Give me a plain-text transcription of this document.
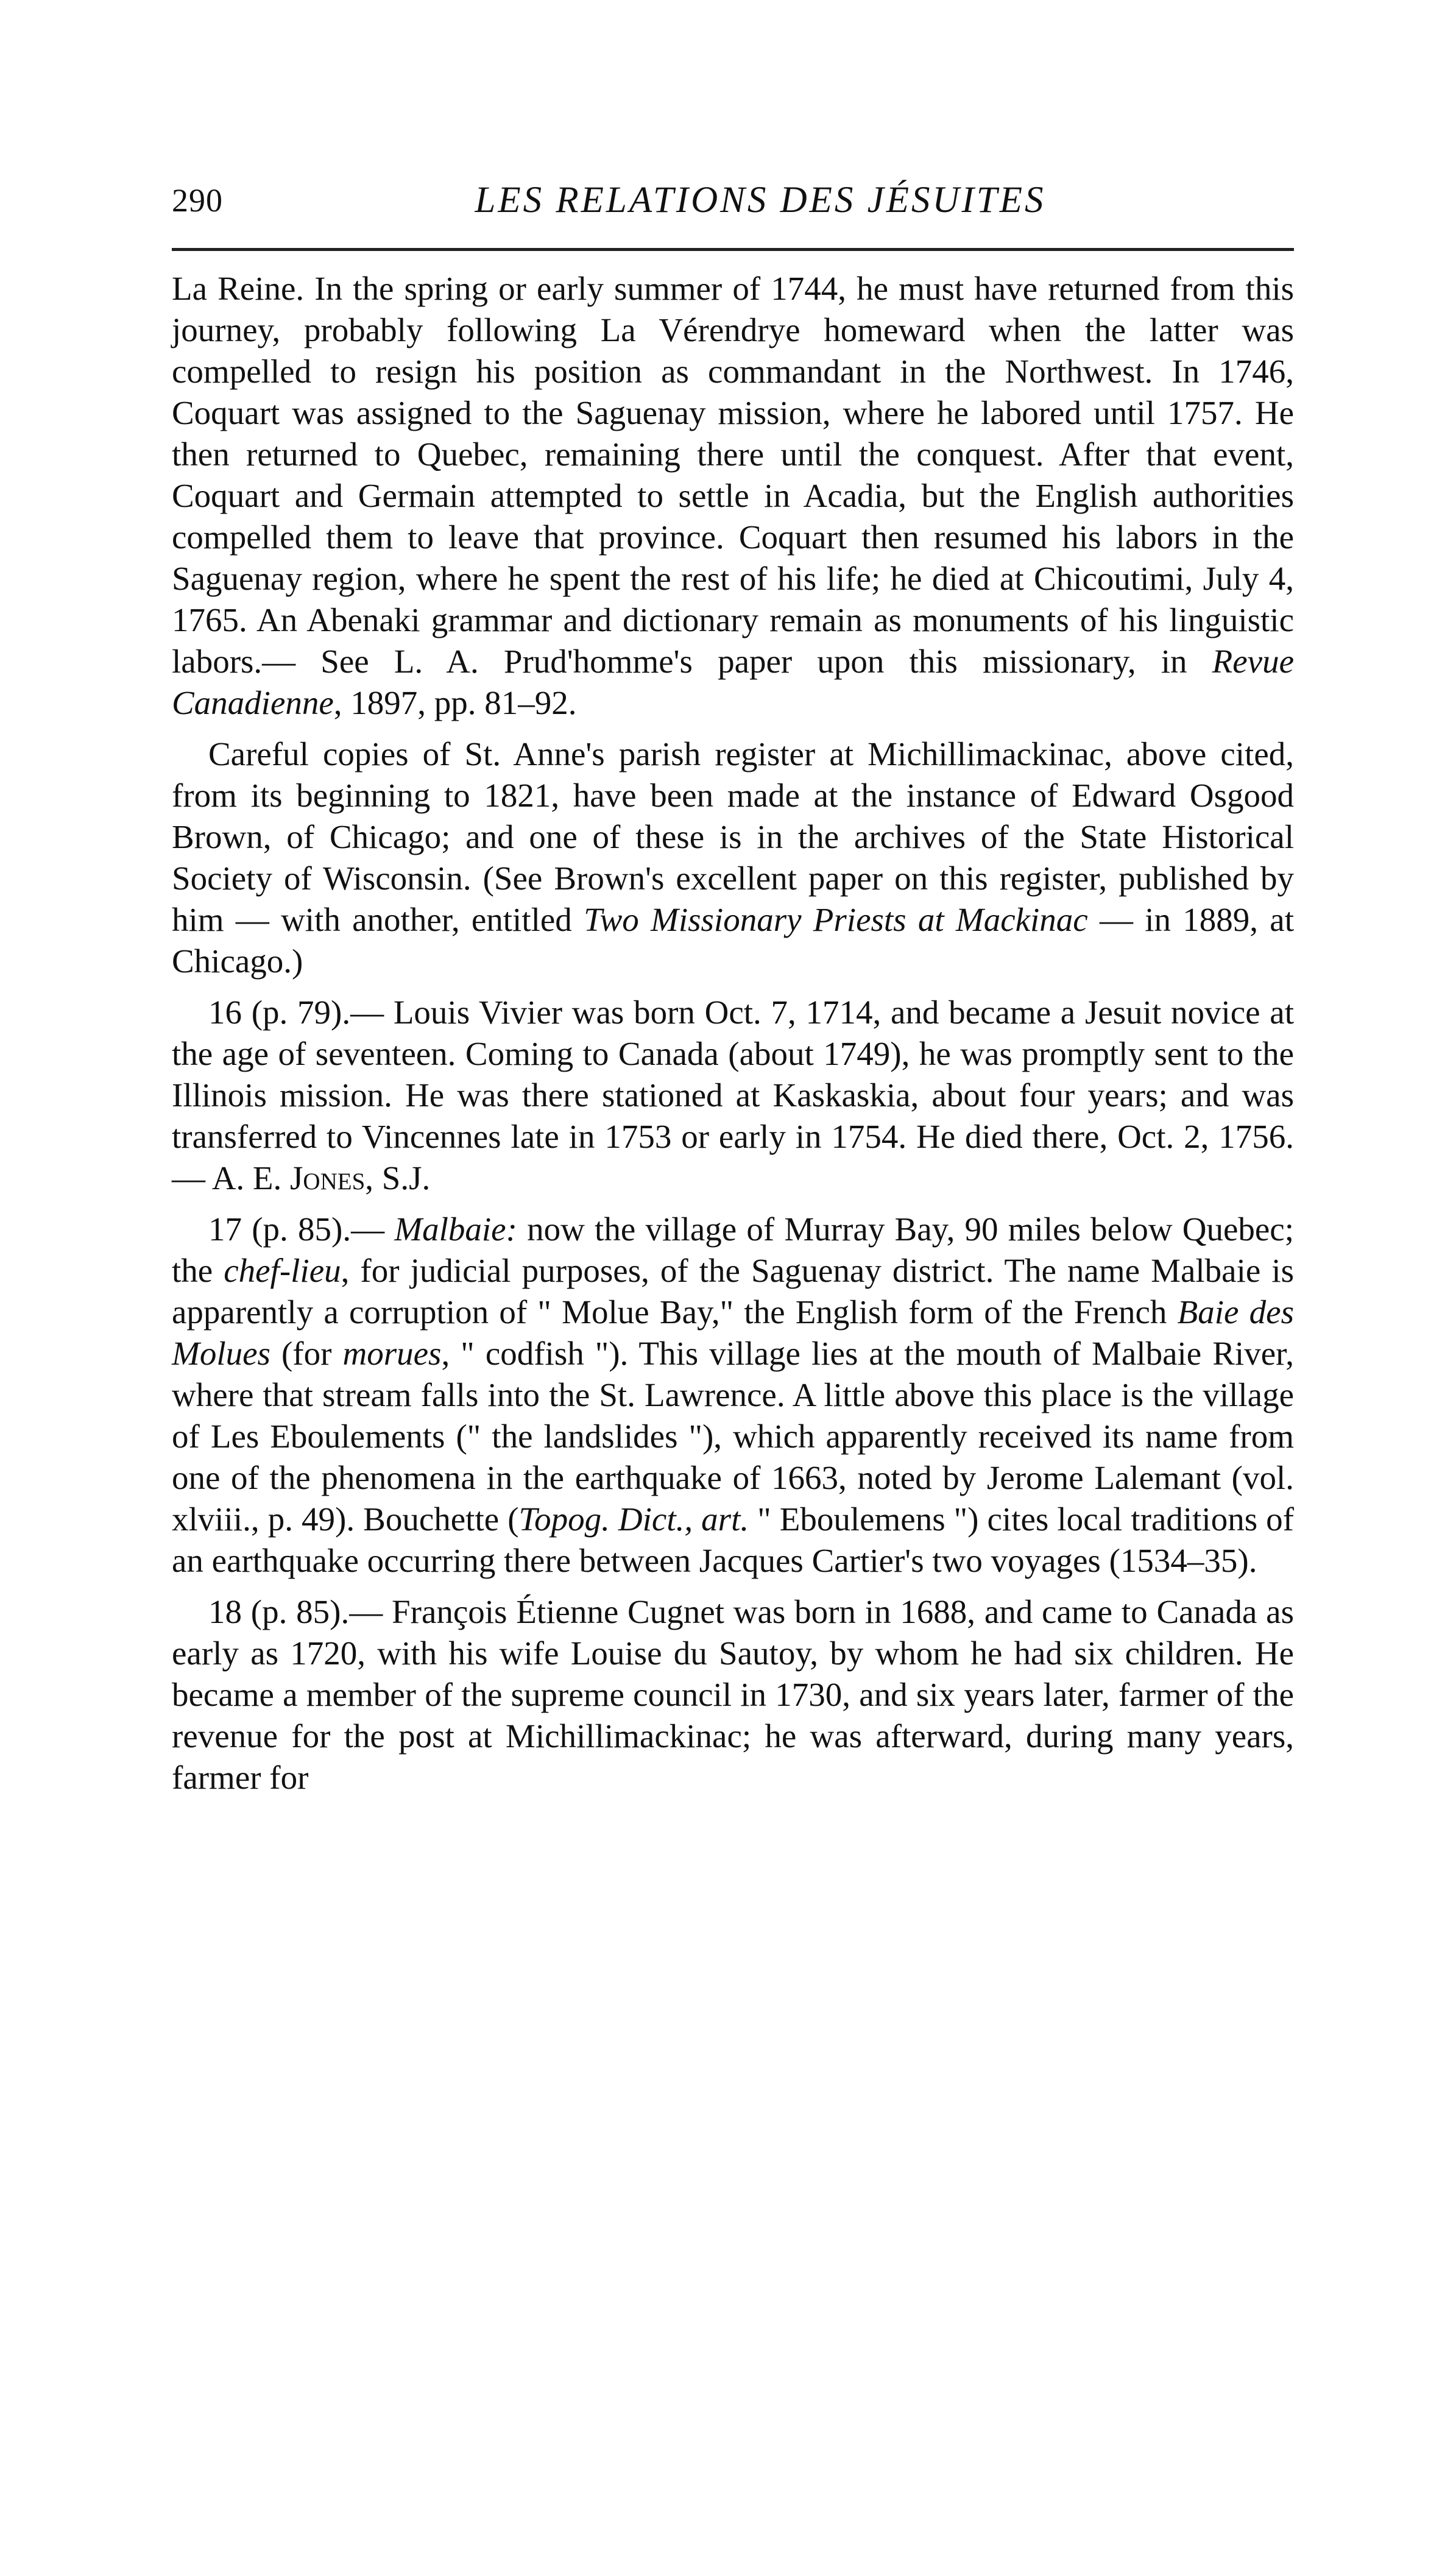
290	LES RELATIONS DES JÉSUITES

La Reine. In the spring or early summer of 1744, he must have returned from this journey, probably following La Vérendrye homeward when the latter was compelled to resign his position as commandant in the Northwest. In 1746, Coquart was assigned to the Saguenay mission, where he labored until 1757. He then returned to Quebec, remaining there until the conquest. After that event, Coquart and Germain attempted to settle in Acadia, but the English authorities compelled them to leave that province. Coquart then resumed his labors in the Saguenay region, where he spent the rest of his life; he died at Chicoutimi, July 4, 1765. An Abenaki grammar and dictionary remain as monuments of his linguistic labors.— See L. A. Prud'homme's paper upon this missionary, in Revue Canadienne, 1897, pp. 81–92.

Careful copies of St. Anne's parish register at Michillimackinac, above cited, from its beginning to 1821, have been made at the instance of Edward Osgood Brown, of Chicago; and one of these is in the archives of the State Historical Society of Wisconsin. (See Brown's excellent paper on this register, published by him — with another, entitled Two Missionary Priests at Mackinac — in 1889, at Chicago.)

16 (p. 79).— Louis Vivier was born Oct. 7, 1714, and became a Jesuit novice at the age of seventeen. Coming to Canada (about 1749), he was promptly sent to the Illinois mission. He was there stationed at Kaskaskia, about four years; and was transferred to Vincennes late in 1753 or early in 1754. He died there, Oct. 2, 1756.— A. E. Jones, S.J.

17 (p. 85).— Malbaie: now the village of Murray Bay, 90 miles below Quebec; the chef-lieu, for judicial purposes, of the Saguenay district. The name Malbaie is apparently a corruption of " Molue Bay," the English form of the French Baie des Molues (for morues, " codfish "). This village lies at the mouth of Malbaie River, where that stream falls into the St. Lawrence. A little above this place is the village of Les Eboulements (" the landslides "), which apparently received its name from one of the phenomena in the earthquake of 1663, noted by Jerome Lalemant (vol. xlviii., p. 49). Bouchette (Topog. Dict., art. " Eboulemens ") cites local traditions of an earthquake occurring there between Jacques Cartier's two voyages (1534–35).

18 (p. 85).— François Étienne Cugnet was born in 1688, and came to Canada as early as 1720, with his wife Louise du Sautoy, by whom he had six children. He became a member of the supreme council in 1730, and six years later, farmer of the revenue for the post at Michillimackinac; he was afterward, during many years, farmer for
